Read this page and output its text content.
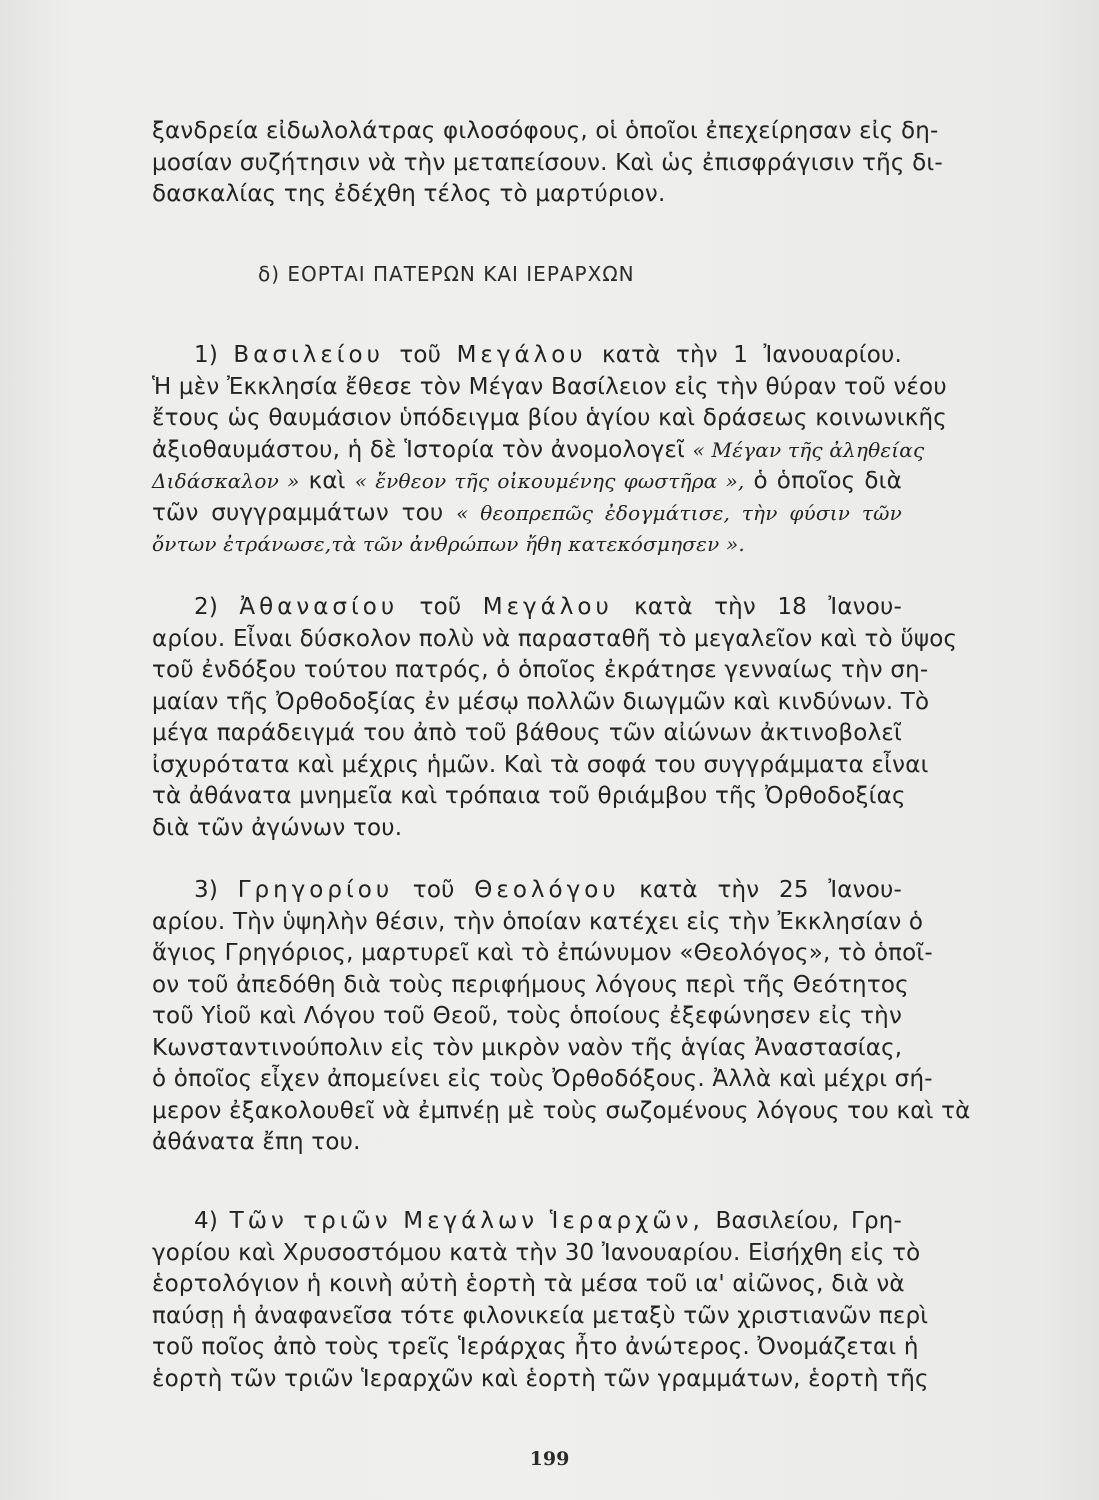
ξανδρεία εἰδωλολάτρας φιλοσόφους, οἱ ὁποῖοι ἐπεχείρησαν εἰς δη-
μοσίαν συζήτησιν νὰ τὴν μεταπείσουν. Καὶ ὡς ἐπισφράγισιν τῆς δι-
δασκαλίας της ἐδέχθη τέλος τὸ μαρτύριον.
δ) ΕΟΡΤΑΙ ΠΑΤΕΡΩΝ ΚΑΙ ΙΕΡΑΡΧΩΝ
1) Βασιλείου τοῦ Μεγάλου κατὰ τὴν 1 Ἰανουαρίου.
Ἡ μὲν Ἐκκλησία ἔθεσε τὸν Μέγαν Βασίλειον εἰς τὴν θύραν τοῦ νέου
ἔτους ὡς θαυμάσιον ὑπόδειγμα βίου ἁγίου καὶ δράσεως κοινωνικῆς
ἀξιοθαυμάστου, ἡ δὲ Ἱστορία τὸν ἀνομολογεῖ « Μέγαν τῆς ἀληθείας
Διδάσκαλον » καὶ « ἔνθεον τῆς οἰκουμένης φωστῆρα », ὁ ὁποῖος διὰ
τῶν συγγραμμάτων του « θεοπρεπῶς ἐδογμάτισε, τὴν φύσιν τῶν
ὄντων ἐτράνωσε,τὰ τῶν ἀνθρώπων ἤθη κατεκόσμησεν ».
2) Ἀθανασίου τοῦ Μεγάλου κατὰ τὴν 18 Ἰανου-
αρίου. Εἶναι δύσκολον πολὺ νὰ παρασταθῆ τὸ μεγαλεῖον καὶ τὸ ὕψος
τοῦ ἐνδόξου τούτου πατρός, ὁ ὁποῖος ἐκράτησε γενναίως τὴν ση-
μαίαν τῆς Ὀρθοδοξίας ἐν μέσῳ πολλῶν διωγμῶν καὶ κινδύνων. Τὸ
μέγα παράδειγμά του ἀπὸ τοῦ βάθους τῶν αἰώνων ἀκτινοβολεῖ
ἰσχυρότατα καὶ μέχρις ἡμῶν. Καὶ τὰ σοφά του συγγράμματα εἶναι
τὰ ἀθάνατα μνημεῖα καὶ τρόπαια τοῦ θριάμβου τῆς Ὀρθοδοξίας
διὰ τῶν ἀγώνων του.
3) Γρηγορίου τοῦ Θεολόγου κατὰ τὴν 25 Ἰανου-
αρίου. Τὴν ὑψηλὴν θέσιν, τὴν ὁποίαν κατέχει εἰς τὴν Ἐκκλησίαν ὁ
ἅγιος Γρηγόριος, μαρτυρεῖ καὶ τὸ ἐπώνυμον «Θεολόγος», τὸ ὁποῖ-
ον τοῦ ἀπεδόθη διὰ τοὺς περιφήμους λόγους περὶ τῆς Θεότητος
τοῦ Υἱοῦ καὶ Λόγου τοῦ Θεοῦ, τοὺς ὁποίους ἐξεφώνησεν εἰς τὴν
Κωνσταντινούπολιν εἰς τὸν μικρὸν ναὸν τῆς ἁγίας Ἀναστασίας,
ὁ ὁποῖος εἶχεν ἀπομείνει εἰς τοὺς Ὀρθοδόξους. Ἀλλὰ καὶ μέχρι σή-
μερον ἐξακολουθεῖ νὰ ἐμπνέῃ μὲ τοὺς σωζομένους λόγους του καὶ τὰ
ἀθάνατα ἔπη του.
4) Τῶν τριῶν Μεγάλων Ἱεραρχῶν, Βασιλείου, Γρη-
γορίου καὶ Χρυσοστόμου κατὰ τὴν 30 Ἰανουαρίου. Εἰσήχθη εἰς τὸ
ἑορτολόγιον ἡ κοινὴ αὐτὴ ἑορτὴ τὰ μέσα τοῦ ια' αἰῶνος, διὰ νὰ
παύσῃ ἡ ἀναφανεῖσα τότε φιλονικεία μεταξὺ τῶν χριστιανῶν περὶ
τοῦ ποῖος ἀπὸ τοὺς τρεῖς Ἱεράρχας ἦτο ἀνώτερος. Ὀνομάζεται ἡ
ἑορτὴ τῶν τριῶν Ἱεραρχῶν καὶ ἑορτὴ τῶν γραμμάτων, ἑορτὴ τῆς
199
